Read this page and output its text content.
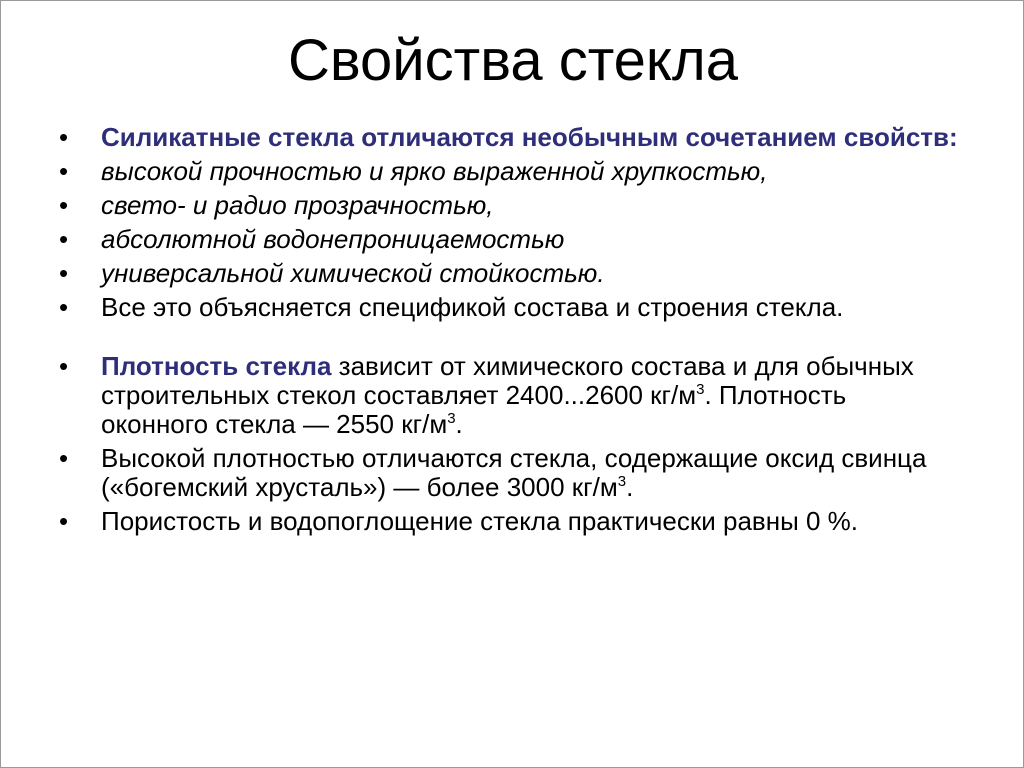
Свойства стекла
•	Силикатные стекла отличаются необычным сочетанием свойств:
•	высокой прочностью и ярко выраженной хрупкостью,
•	свето- и радио прозрачностью,
•	абсолютной водонепроницаемостью
•	универсальной химической стойкостью.
•	Все это объясняется спецификой состава и строения стекла.
•	Плотность стекла зависит от химического состава и для обычных строительных стекол составляет 2400...2600 $кг/м^3$. Плотность оконного стекла — 2550 $кг/м^3$.
•	Высокой плотностью отличаются стекла, содержащие оксид свинца («богемский хрусталь») — более 3000 $кг/м^3$.
•	Пористость и водопоглощение стекла практически равны 0 %.
